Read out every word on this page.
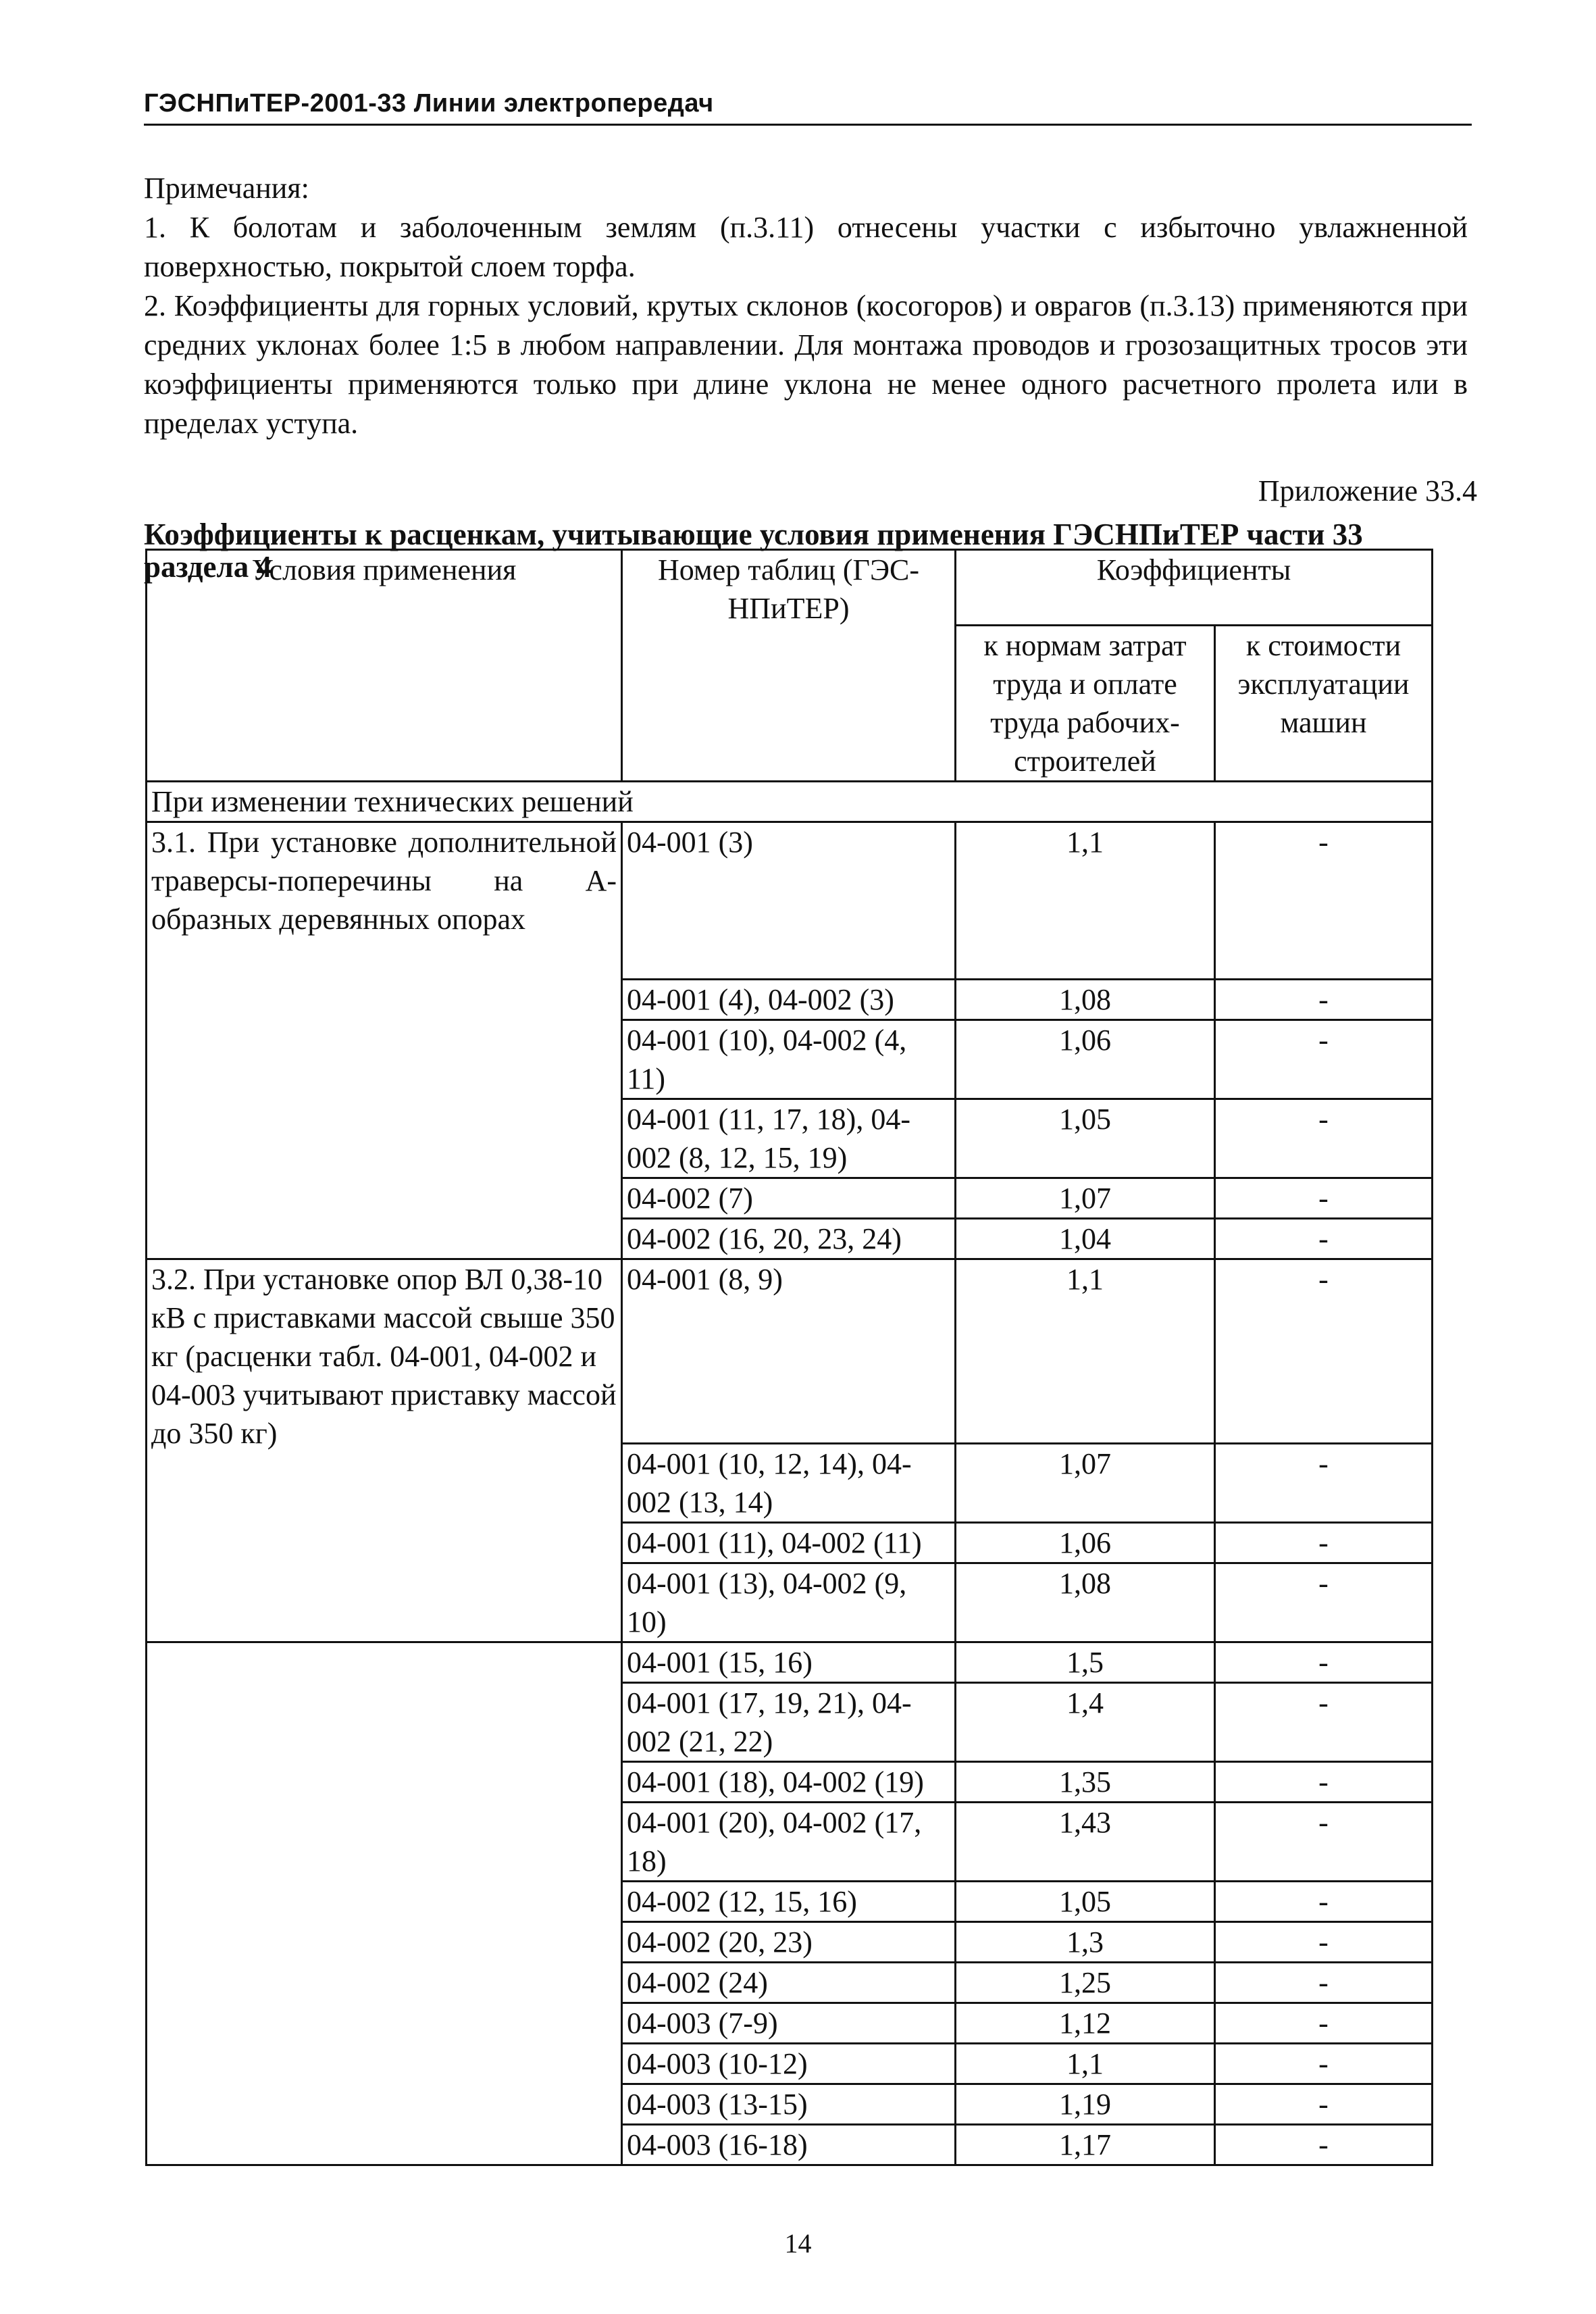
ГЭСНПиТЕР-2001-33 Линии электропередач

Примечания:

1. К болотам и заболоченным землям (п.3.11) отнесены участки с избыточно увлажненной поверхностью, покрытой слоем торфа.

2. Коэффициенты для горных условий, крутых склонов (косогоров) и оврагов (п.3.13) применяются при средних уклонах более 1:5 в любом направлении. Для монтажа проводов и грозозащитных тросов эти коэффициенты применяются только при длине уклона не менее одного расчетного пролета или в пределах уступа.

Приложение 33.4
Коэффициенты к расценкам, учитывающие условия применения ГЭСНПиТЕР части 33
раздела 4
Условия применения	Номер таблиц (ГЭС-НПиТЕР)	Коэффициенты	
		к нормам затрат труда и оплате труда рабочих-строителей	к стоимости эксплуатации машин
При изменении технических решений			
3.1. При установке дополнительной траверсы-поперечины на А-образных деревянных опорах	04-001 (3)	1,1	-
	04-001 (4), 04-002 (3)	1,08	-
	04-001 (10), 04-002 (4, 11)	1,06	-
	04-001 (11, 17, 18), 04-002 (8, 12, 15, 19)	1,05	-
	04-002 (7)	1,07	-
	04-002 (16, 20, 23, 24)	1,04	-
3.2. При установке опор ВЛ 0,38-10 кВ с приставками массой свыше 350 кг (расценки табл. 04-001, 04-002 и 04-003 учитывают приставку массой до 350 кг)	04-001 (8, 9)	1,1	-
	04-001 (10, 12, 14), 04-002 (13, 14)	1,07	-
	04-001 (11), 04-002 (11)	1,06	-
	04-001 (13), 04-002 (9, 10)	1,08	-
	04-001 (15, 16)	1,5	-
	04-001 (17, 19, 21), 04-002 (21, 22)	1,4	-
	04-001 (18), 04-002 (19)	1,35	-
	04-001 (20), 04-002 (17, 18)	1,43	-
	04-002 (12, 15, 16)	1,05	-
	04-002 (20, 23)	1,3	-
	04-002 (24)	1,25	-
	04-003 (7-9)	1,12	-
	04-003 (10-12)	1,1	-
	04-003 (13-15)	1,19	-
	04-003 (16-18)	1,17	-
14
